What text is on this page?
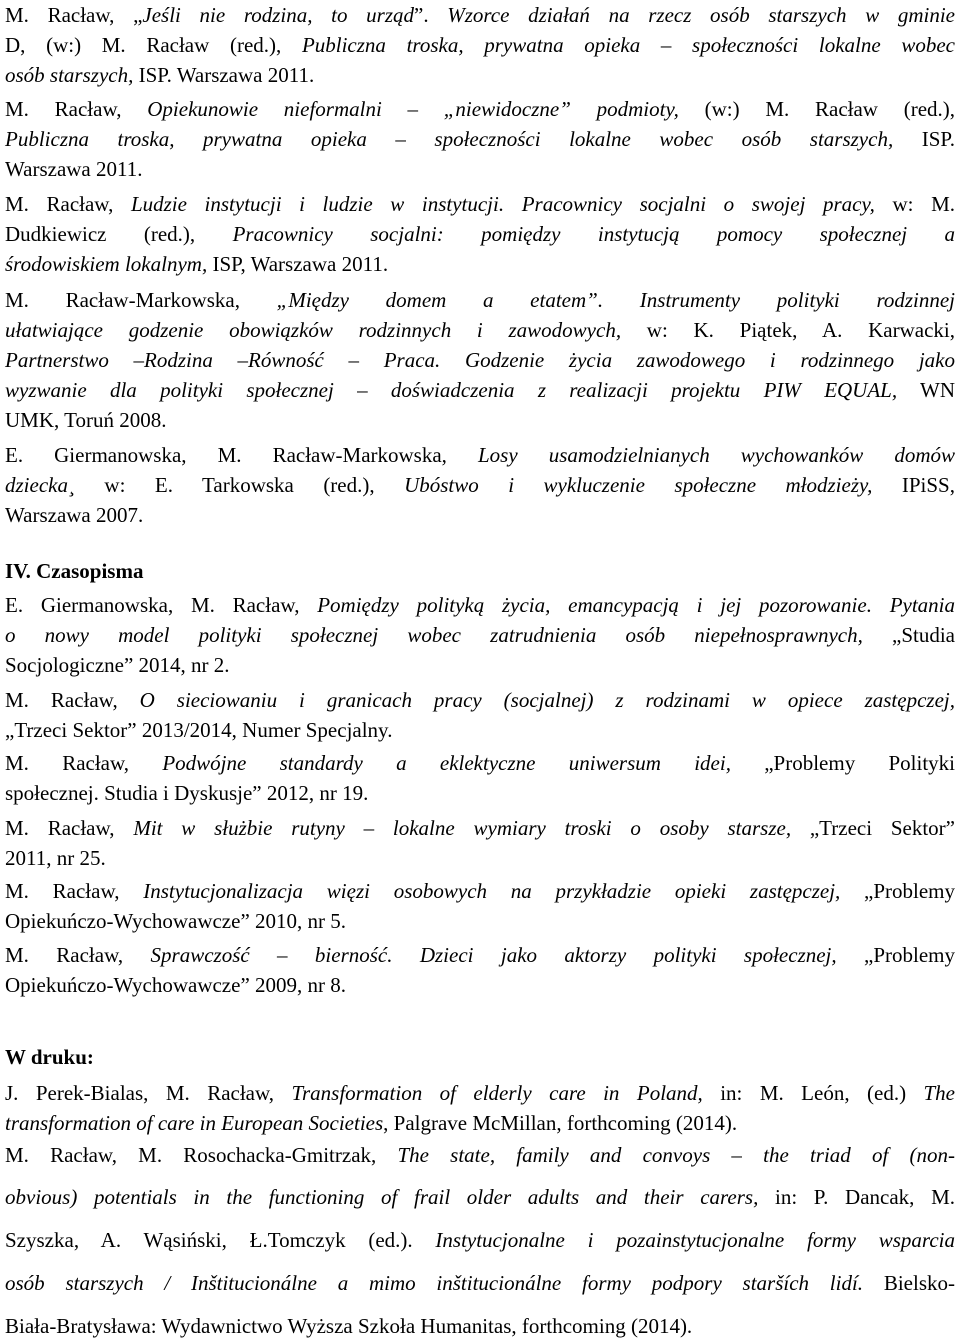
M. Racław, „Jeśli nie rodzina, to urząd”. Wzorce działań na rzecz osób starszych w gminie
D, (w:) M. Racław (red.), Publiczna troska, prywatna opieka – społeczności lokalne wobec
osób starszych, ISP. Warszawa 2011.
M. Racław, Opiekunowie nieformalni – „niewidoczne” podmioty, (w:) M. Racław (red.),
Publiczna troska, prywatna opieka – społeczności lokalne wobec osób starszych, ISP.
Warszawa 2011.
M. Racław, Ludzie instytucji i ludzie w instytucji. Pracownicy socjalni o swojej pracy, w: M.
Dudkiewicz (red.), Pracownicy socjalni: pomiędzy instytucją pomocy społecznej a
środowiskiem lokalnym, ISP, Warszawa 2011.
M. Racław-Markowska, „Między domem a etatem”. Instrumenty polityki rodzinnej
ułatwiające godzenie obowiązków rodzinnych i zawodowych, w: K. Piątek, A. Karwacki,
Partnerstwo –Rodzina –Równość – Praca. Godzenie życia zawodowego i rodzinnego jako
wyzwanie dla polityki społecznej – doświadczenia z realizacji projektu PIW EQUAL, WN
UMK, Toruń 2008.
E. Giermanowska, M. Racław-Markowska, Losy usamodzielnianych wychowanków domów
dziecka¸ w: E. Tarkowska (red.), Ubóstwo i wykluczenie społeczne młodzieży, IPiSS,
Warszawa 2007.
IV. Czasopisma
E. Giermanowska, M. Racław, Pomiędzy polityką życia, emancypacją i jej pozorowanie. Pytania
o nowy model polityki społecznej wobec zatrudnienia osób niepełnosprawnych, „Studia
Socjologiczne” 2014, nr 2.
M. Racław, O sieciowaniu i granicach pracy (socjalnej) z rodzinami w opiece zastępczej,
„Trzeci Sektor” 2013/2014, Numer Specjalny.
M. Racław, Podwójne standardy a eklektyczne uniwersum idei, „Problemy Polityki
społecznej. Studia i Dyskusje” 2012, nr 19.
M. Racław, Mit w służbie rutyny – lokalne wymiary troski o osoby starsze, „Trzeci Sektor”
2011, nr 25.
M. Racław, Instytucjonalizacja więzi osobowych na przykładzie opieki zastępczej, „Problemy
Opiekuńczo-Wychowawcze” 2010, nr 5.
M. Racław, Sprawczość – bierność. Dzieci jako aktorzy polityki społecznej, „Problemy
Opiekuńczo-Wychowawcze” 2009, nr 8.
W druku:
J. Perek-Bialas, M. Racław, Transformation of elderly care in Poland, in: M. León, (ed.) The
transformation of care in European Societies, Palgrave McMillan, forthcoming (2014).
M. Racław, M. Rosochacka-Gmitrzak, The state, family and convoys – the triad of (non-
obvious) potentials in the functioning of frail older adults and their carers, in: P. Dancak, M.
Szyszka, A. Wąsiński, Ł.Tomczyk (ed.). Instytucjonalne i pozainstytucjonalne formy wsparcia
osób starszych / Inštitucionálne a mimo inštitucionálne formy podpory starších lidí. Bielsko-
Biała-Bratysława: Wydawnictwo Wyższa Szkoła Humanitas, forthcoming (2014).
